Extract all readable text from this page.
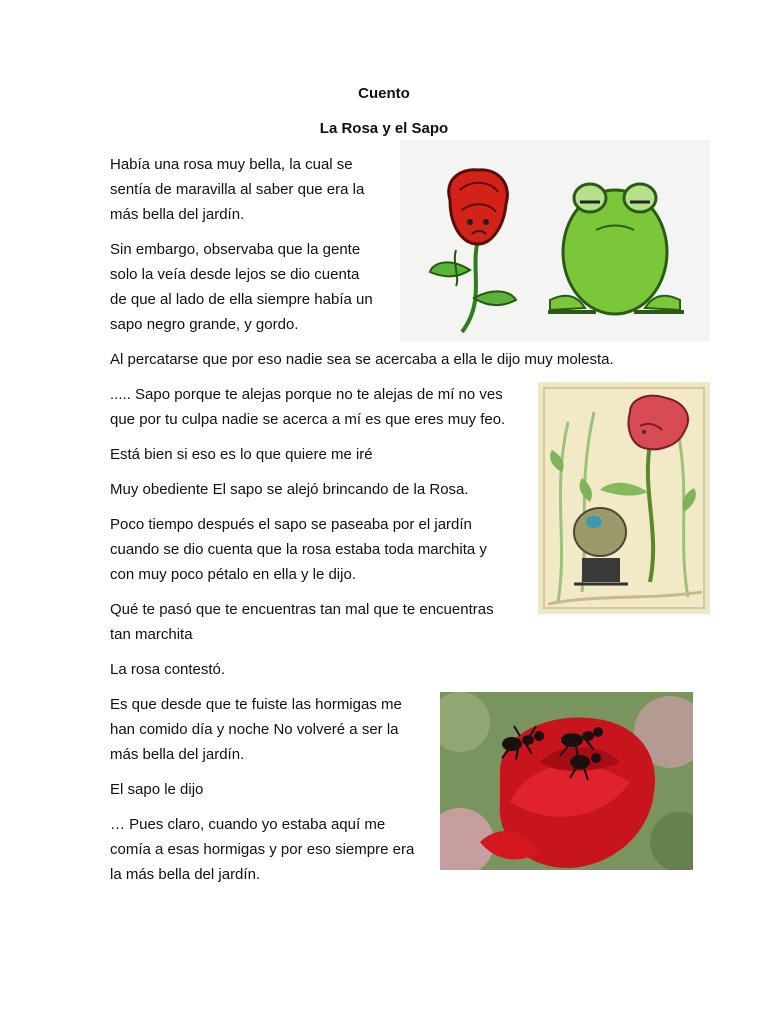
Cuento
La Rosa y el Sapo

Había una rosa muy bella, la cual se
sentía de maravilla al saber que era la
más bella del jardín.

Sin embargo, observaba que la gente
solo la veía desde lejos se dio cuenta
de que al lado de ella siempre había un
sapo negro grande, y gordo.

Al percatarse que por eso nadie sea se acercaba a ella le dijo muy molesta.

..... Sapo porque te alejas porque no te alejas de mí no ves
que por tu culpa nadie se acerca a mí es que eres muy feo.

Está bien si eso es lo que quiere me iré

Muy obediente El sapo se alejó brincando de la Rosa.

Poco tiempo después el sapo se paseaba por el jardín
cuando se dio cuenta que la rosa estaba toda marchita y
con muy poco pétalo en ella y le dijo.

Qué te pasó que te encuentras tan mal que te encuentras
tan marchita

La rosa contestó.

Es que desde que te fuiste las hormigas me
han comido día y noche No volveré a ser la
más bella del jardín.

El sapo le dijo

… Pues claro, cuando yo estaba aquí me
comía a esas hormigas y por eso siempre era
la más bella del jardín.
